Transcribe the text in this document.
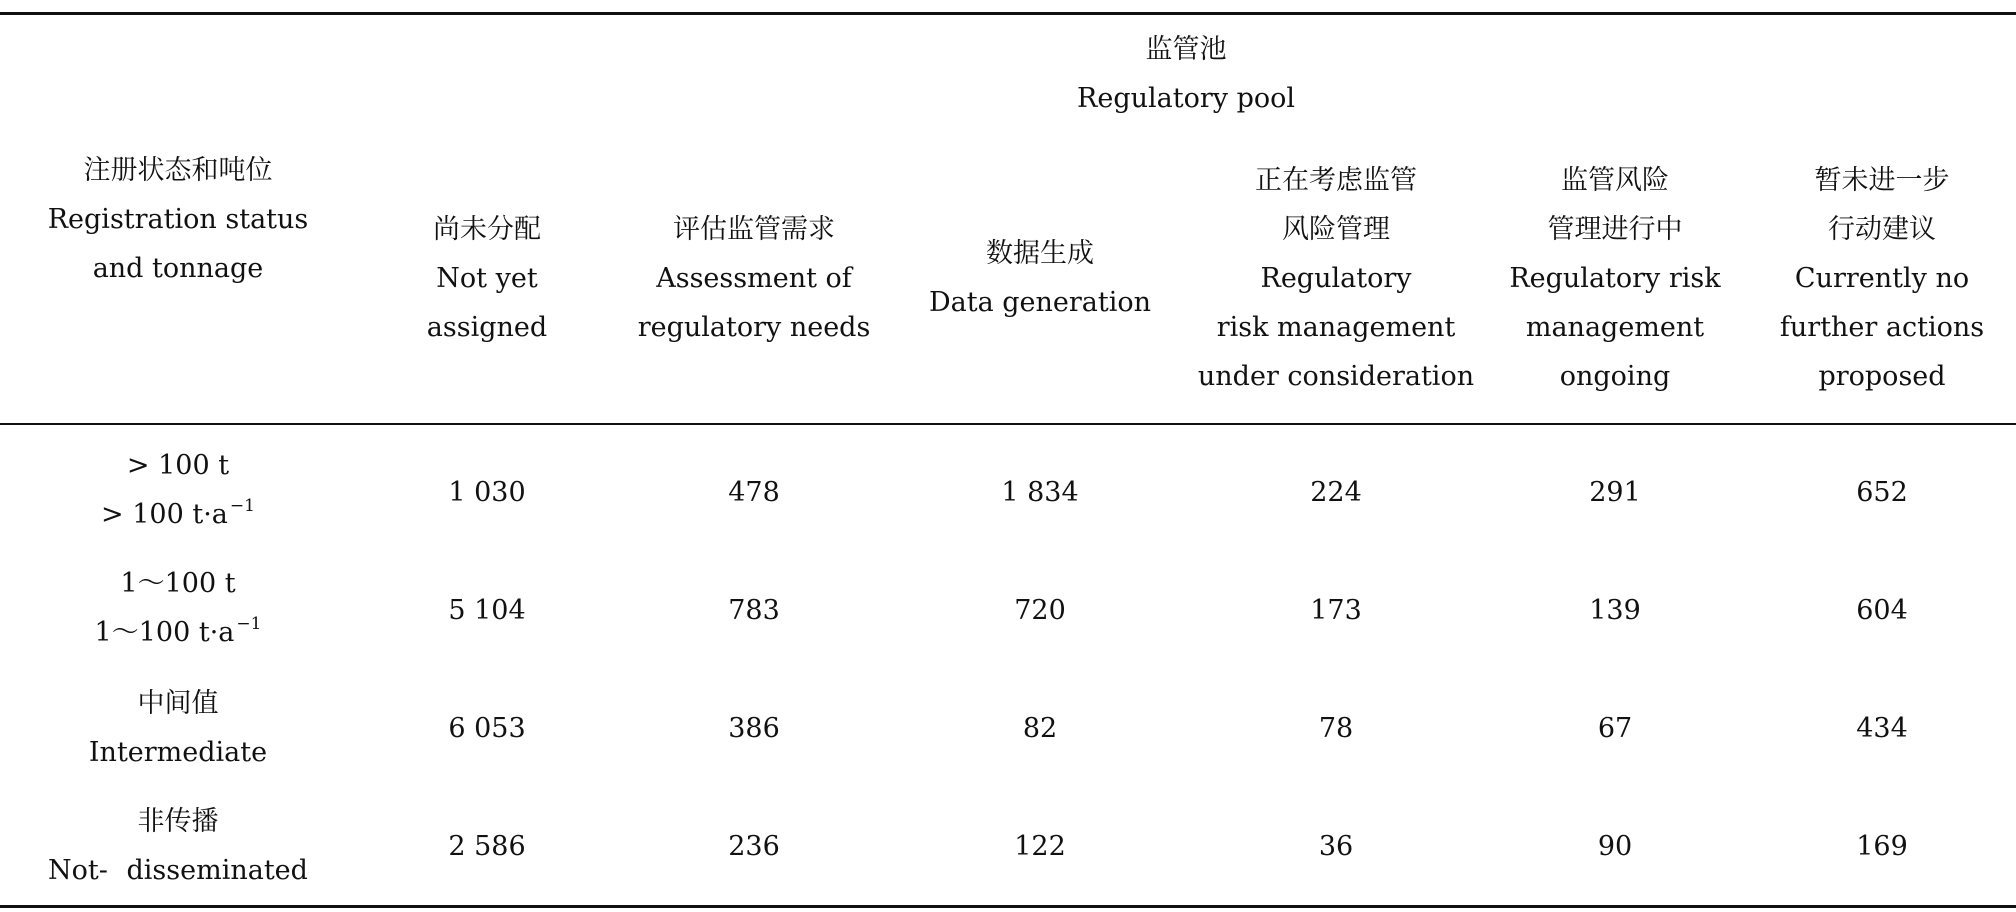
注册状态和吨位
Registration status
and tonnage	监管池
Regulatory pool					

	尚未分配
Not yet
assigned	评估监管需求
Assessment of
regulatory needs	数据生成
Data generation	正在考虑监管
风险管理
Regulatory
risk management
under consideration	监管风险
管理进行中
Regulatory risk
management
ongoing	暂未进一步
行动建议
Currently no
further actions
proposed

> 100 t
> 100 t·a $^{-1}$	1 030	478	1 834	224	291	652

1～100 t
1～100 t·a $^{-1}$	5 104	783	720	173	139	604

中间值
Intermediate	6 053	386	82	78	67	434

非传播
Not- disseminated	2 586	236	122	36	90	169
